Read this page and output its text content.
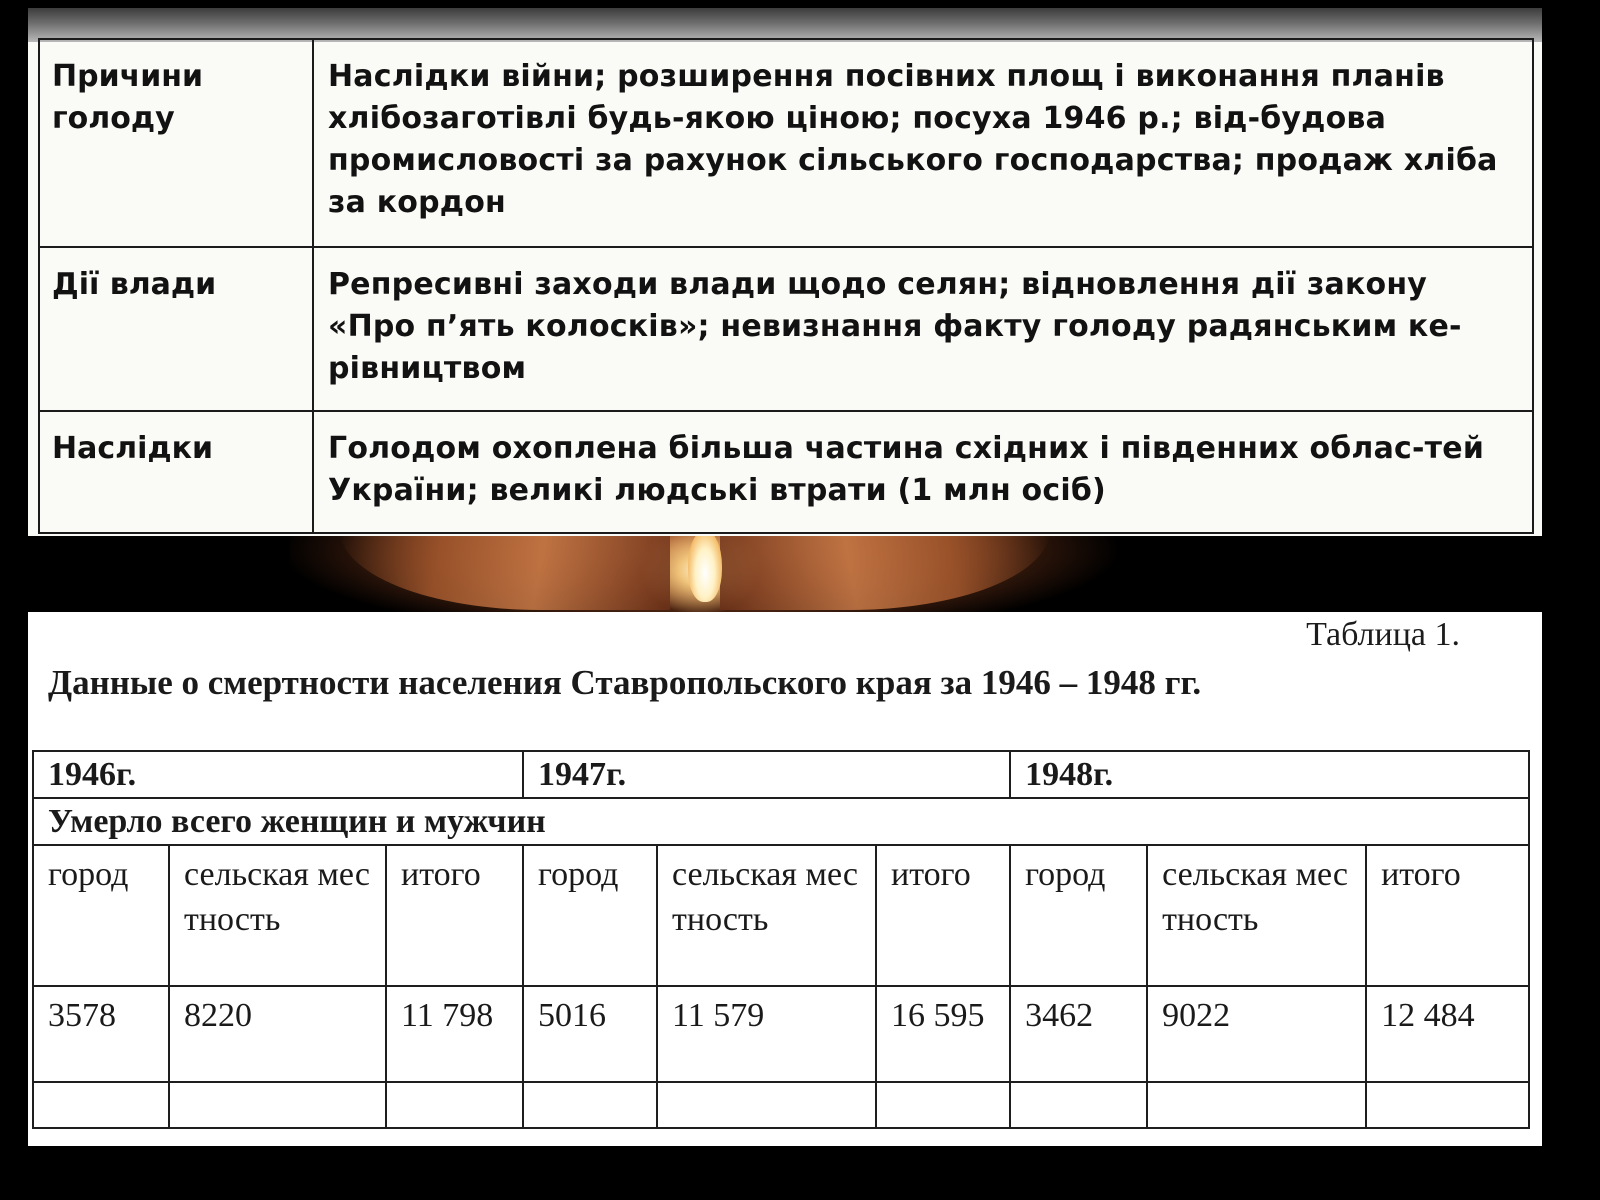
Причини голоду	Наслідки війни; розширення посівних площ і виконання планів хлібозаготівлі будь-якою ціною; посуха 1946 р.; від-будова промисловості за рахунок сільського господарства; продаж хліба за кордон
Дії влади	Репресивні заходи влади щодо селян; відновлення дії закону «Про п’ять колосків»; невизнання факту голоду радянським ке-рівництвом
Наслідки	Голодом охоплена більша частина східних і південних облас-тей України; великі людські втрати (1 млн осіб)
Таблица 1.
Данные о смертности населения Ставропольского края за 1946 – 1948 гг.
1946г.			1947г.			1948г.		
Умерло всего женщин и мужчин								
город	сельская местность	итого	город	сельская местность	итого	город	сельская местность	итого
3578	8220	11 798	5016	11 579	16 595	3462	9022	12 484
